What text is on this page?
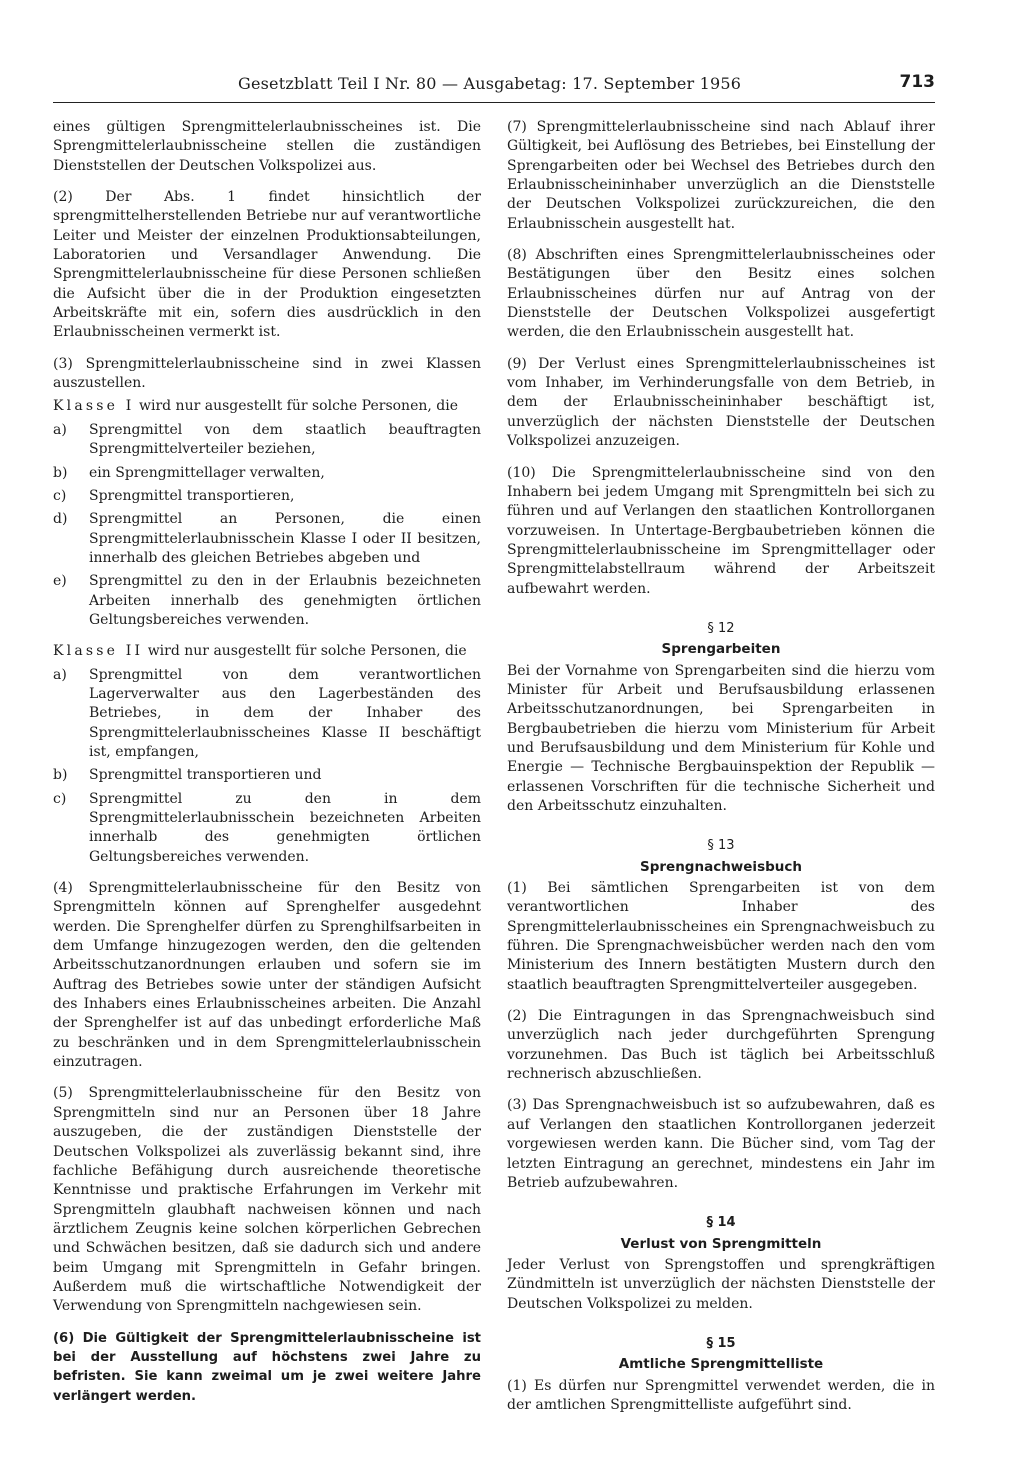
Gesetzblatt Teil I Nr. 80 — Ausgabetag: 17. September 1956	713

eines gültigen Sprengmittelerlaubnisscheines ist. Die Sprengmittelerlaubnisscheine stellen die zuständigen Dienststellen der Deutschen Volkspolizei aus.

(2) Der Abs. 1 findet hinsichtlich der sprengmittelherstellenden Betriebe nur auf verantwortliche Leiter und Meister der einzelnen Produktionsabteilungen, Laboratorien und Versandlager Anwendung. Die Sprengmittelerlaubnisscheine für diese Personen schließen die Aufsicht über die in der Produktion eingesetzten Arbeitskräfte mit ein, sofern dies ausdrücklich in den Erlaubnisscheinen vermerkt ist.

(3) Sprengmittelerlaubnisscheine sind in zwei Klassen auszustellen.

Klasse I wird nur ausgestellt für solche Personen, die

a)	Sprengmittel von dem staatlich beauftragten Sprengmittelverteiler beziehen,
b)	ein Sprengmittellager verwalten,
c)	Sprengmittel transportieren,
d)	Sprengmittel an Personen, die einen Sprengmittelerlaubnisschein Klasse I oder II besitzen, innerhalb des gleichen Betriebes abgeben und
e)	Sprengmittel zu den in der Erlaubnis bezeichneten Arbeiten innerhalb des genehmigten örtlichen Geltungsbereiches verwenden.

Klasse II wird nur ausgestellt für solche Personen, die

a)	Sprengmittel von dem verantwortlichen Lagerverwalter aus den Lagerbeständen des Betriebes, in dem der Inhaber des Sprengmittelerlaubnisscheines Klasse II beschäftigt ist, empfangen,
b)	Sprengmittel transportieren und
c)	Sprengmittel zu den in dem Sprengmittelerlaubnisschein bezeichneten Arbeiten innerhalb des genehmigten örtlichen Geltungsbereiches verwenden.

(4) Sprengmittelerlaubnisscheine für den Besitz von Sprengmitteln können auf Sprenghelfer ausgedehnt werden. Die Sprenghelfer dürfen zu Sprenghilfsarbeiten in dem Umfange hinzugezogen werden, den die geltenden Arbeitsschutzanordnungen erlauben und sofern sie im Auftrag des Betriebes sowie unter der ständigen Aufsicht des Inhabers eines Erlaubnisscheines arbeiten. Die Anzahl der Sprenghelfer ist auf das unbedingt erforderliche Maß zu beschränken und in dem Sprengmittelerlaubnisschein einzutragen.

(5) Sprengmittelerlaubnisscheine für den Besitz von Sprengmitteln sind nur an Personen über 18 Jahre auszugeben, die der zuständigen Dienststelle der Deutschen Volkspolizei als zuverlässig bekannt sind, ihre fachliche Befähigung durch ausreichende theoretische Kenntnisse und praktische Erfahrungen im Verkehr mit Sprengmitteln glaubhaft nachweisen können und nach ärztlichem Zeugnis keine solchen körperlichen Gebrechen und Schwächen besitzen, daß sie dadurch sich und andere beim Umgang mit Sprengmitteln in Gefahr bringen. Außerdem muß die wirtschaftliche Notwendigkeit der Verwendung von Sprengmitteln nachgewiesen sein.

(6) Die Gültigkeit der Sprengmittelerlaubnisscheine ist bei der Ausstellung auf höchstens zwei Jahre zu befristen. Sie kann zweimal um je zwei weitere Jahre verlängert werden.

(7) Sprengmittelerlaubnisscheine sind nach Ablauf ihrer Gültigkeit, bei Auflösung des Betriebes, bei Einstellung der Sprengarbeiten oder bei Wechsel des Betriebes durch den Erlaubnisscheininhaber unverzüglich an die Dienststelle der Deutschen Volkspolizei zurückzureichen, die den Erlaubnisschein ausgestellt hat.

(8) Abschriften eines Sprengmittelerlaubnisscheines oder Bestätigungen über den Besitz eines solchen Erlaubnisscheines dürfen nur auf Antrag von der Dienststelle der Deutschen Volkspolizei ausgefertigt werden, die den Erlaubnisschein ausgestellt hat.

(9) Der Verlust eines Sprengmittelerlaubnisscheines ist vom Inhaber, im Verhinderungsfalle von dem Betrieb, in dem der Erlaubnisscheininhaber beschäftigt ist, unverzüglich der nächsten Dienststelle der Deutschen Volkspolizei anzuzeigen.

(10) Die Sprengmittelerlaubnisscheine sind von den Inhabern bei jedem Umgang mit Sprengmitteln bei sich zu führen und auf Verlangen den staatlichen Kontrollorganen vorzuweisen. In Untertage-Bergbaubetrieben können die Sprengmittelerlaubnisscheine im Sprengmittellager oder Sprengmittelabstellraum während der Arbeitszeit aufbewahrt werden.

§ 12
Sprengarbeiten

Bei der Vornahme von Sprengarbeiten sind die hierzu vom Minister für Arbeit und Berufsausbildung erlassenen Arbeitsschutzanordnungen, bei Sprengarbeiten in Bergbaubetrieben die hierzu vom Ministerium für Arbeit und Berufsausbildung und dem Ministerium für Kohle und Energie — Technische Bergbauinspektion der Republik — erlassenen Vorschriften für die technische Sicherheit und den Arbeitsschutz einzuhalten.

§ 13
Sprengnachweisbuch

(1) Bei sämtlichen Sprengarbeiten ist von dem verantwortlichen Inhaber des Sprengmittelerlaubnisscheines ein Sprengnachweisbuch zu führen. Die Sprengnachweisbücher werden nach den vom Ministerium des Innern bestätigten Mustern durch den staatlich beauftragten Sprengmittelverteiler ausgegeben.

(2) Die Eintragungen in das Sprengnachweisbuch sind unverzüglich nach jeder durchgeführten Sprengung vorzunehmen. Das Buch ist täglich bei Arbeitsschluß rechnerisch abzuschließen.

(3) Das Sprengnachweisbuch ist so aufzubewahren, daß es auf Verlangen den staatlichen Kontrollorganen jederzeit vorgewiesen werden kann. Die Bücher sind, vom Tag der letzten Eintragung an gerechnet, mindestens ein Jahr im Betrieb aufzubewahren.

§ 14
Verlust von Sprengmitteln

Jeder Verlust von Sprengstoffen und sprengkräftigen Zündmitteln ist unverzüglich der nächsten Dienststelle der Deutschen Volkspolizei zu melden.

§ 15
Amtliche Sprengmittelliste

(1) Es dürfen nur Sprengmittel verwendet werden, die in der amtlichen Sprengmittelliste aufgeführt sind.
